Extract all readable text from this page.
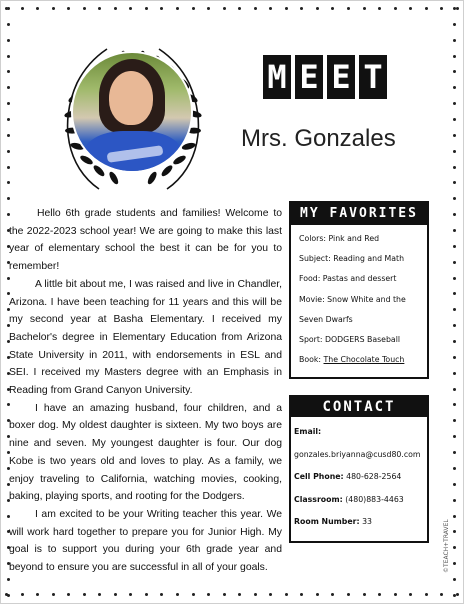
M E E T
Mrs. Gonzales

Hello 6th grade students and families! Welcome to the 2022-2023 school year! We are going to make this last year of elementary school the best it can be for you to remember!

A little bit about me, I was raised and live in Chandler, Arizona. I have been teaching for 11 years and this will be my second year at Basha Elementary. I received my Bachelor's degree in Elementary Education from Arizona State University in 2011, with endorsements in ESL and SEI. I received my Masters degree with an Emphasis in Reading from Grand Canyon University.

I have an amazing husband, four children, and a boxer dog. My oldest daughter is sixteen. My two boys are nine and seven. My youngest daughter is four. Our dog Kobe is two years old and loves to play. As a family, we enjoy traveling to California, watching movies, cooking, baking, playing sports, and rooting for the Dodgers.

I am excited to be your Writing teacher this year. We will work hard together to prepare you for Junior High. My goal is to support you during your 6th grade year and beyond to ensure you are successful in all of your goals.

MY FAVORITES
Colors: Pink and Red
Subject: Reading and Math
Food: Pastas and dessert
Movie: Snow White and the
Seven Dwarfs
Sport: DODGERS Baseball
Book: The Chocolate Touch
CONTACT
Email:
gonzales.briyanna@cusd80.com
Cell Phone: 480-628-2564
Classroom: (480)883-4463
Room Number: 33	©TEACH+TRAVEL
